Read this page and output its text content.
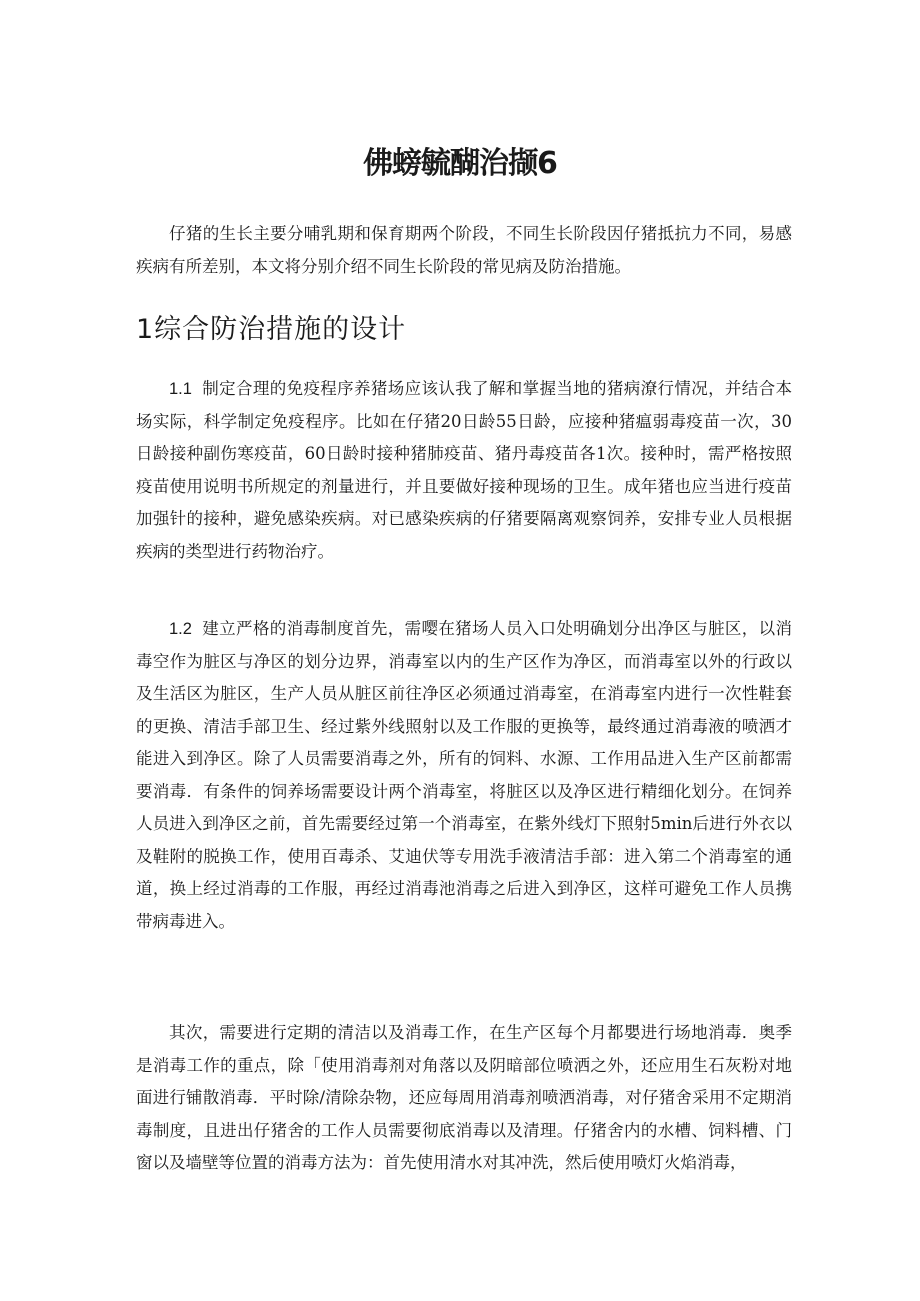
佛螃毓醐治撷6

仔猪的生长主要分哺乳期和保育期两个阶段，不同生长阶段因仔猪抵抗力不同，易感疾病有所差别，本文将分别介绍不同生长阶段的常见病及防治措施。

1综合防治措施的设计

1.1 制定合理的免疫程序养猪场应该认我了解和掌握当地的猪病潦行情况，并结合本场实际，科学制定免疫程序。比如在仔猪20日龄55日龄，应接种猪瘟弱毒疫苗一次，30日龄接种副伤寒疫苗，60日龄时接种猪肺疫苗、猪丹毒疫苗各1次。接种时，需严格按照疫苗使用说明书所规定的剂量进行，并且要做好接种现场的卫生。成年猪也应当进行疫苗加强针的接种，避免感染疾病。对已感染疾病的仔猪要隔离观察饲养，安排专业人员根据疾病的类型进行药物治疗。

1.2 建立严格的消毒制度首先，需嘤在猪场人员入口处明确划分出净区与脏区，以消毒空作为脏区与净区的划分边界，消毒室以内的生产区作为净区，而消毒室以外的行政以及生活区为脏区，生产人员从脏区前往净区必须通过消毒室，在消毒室内进行一次性鞋套的更换、清洁手部卫生、经过紫外线照射以及工作服的更换等，最终通过消毒液的喷洒才能进入到净区。除了人员需要消毒之外，所有的饲料、水源、工作用品进入生产区前都需要消毒．有条件的饲养场需要设计两个消毒室，将脏区以及净区进行精细化划分。在饲养人员进入到净区之前，首先需要经过第一个消毒室，在紫外线灯下照射5min后进行外衣以及鞋附的脱换工作，使用百毒杀、艾迪伏等专用洗手液清洁手部：进入第二个消毒室的通道，换上经过消毒的工作服，再经过消毒池消毒之后进入到净区，这样可避免工作人员携带病毒进入。

其次，需要进行定期的清洁以及消毒工作，在生产区每个月都嬰进行场地消毒．奥季是消毒工作的重点，除「使用消毒剂对角落以及阴暗部位喷洒之外，还应用生石灰粉对地面进行铺散消毒．平时除/清除杂物，还应每周用消毒剂喷洒消毒，对仔猪舍采用不定期消毒制度，且进出仔猪舍的工作人员需要彻底消毒以及清理。仔猪舍内的水槽、饲料槽、门窗以及墙壁等位置的消毒方法为：首先使用清水对其冲洗，然后使用喷灯火焰消毒，
